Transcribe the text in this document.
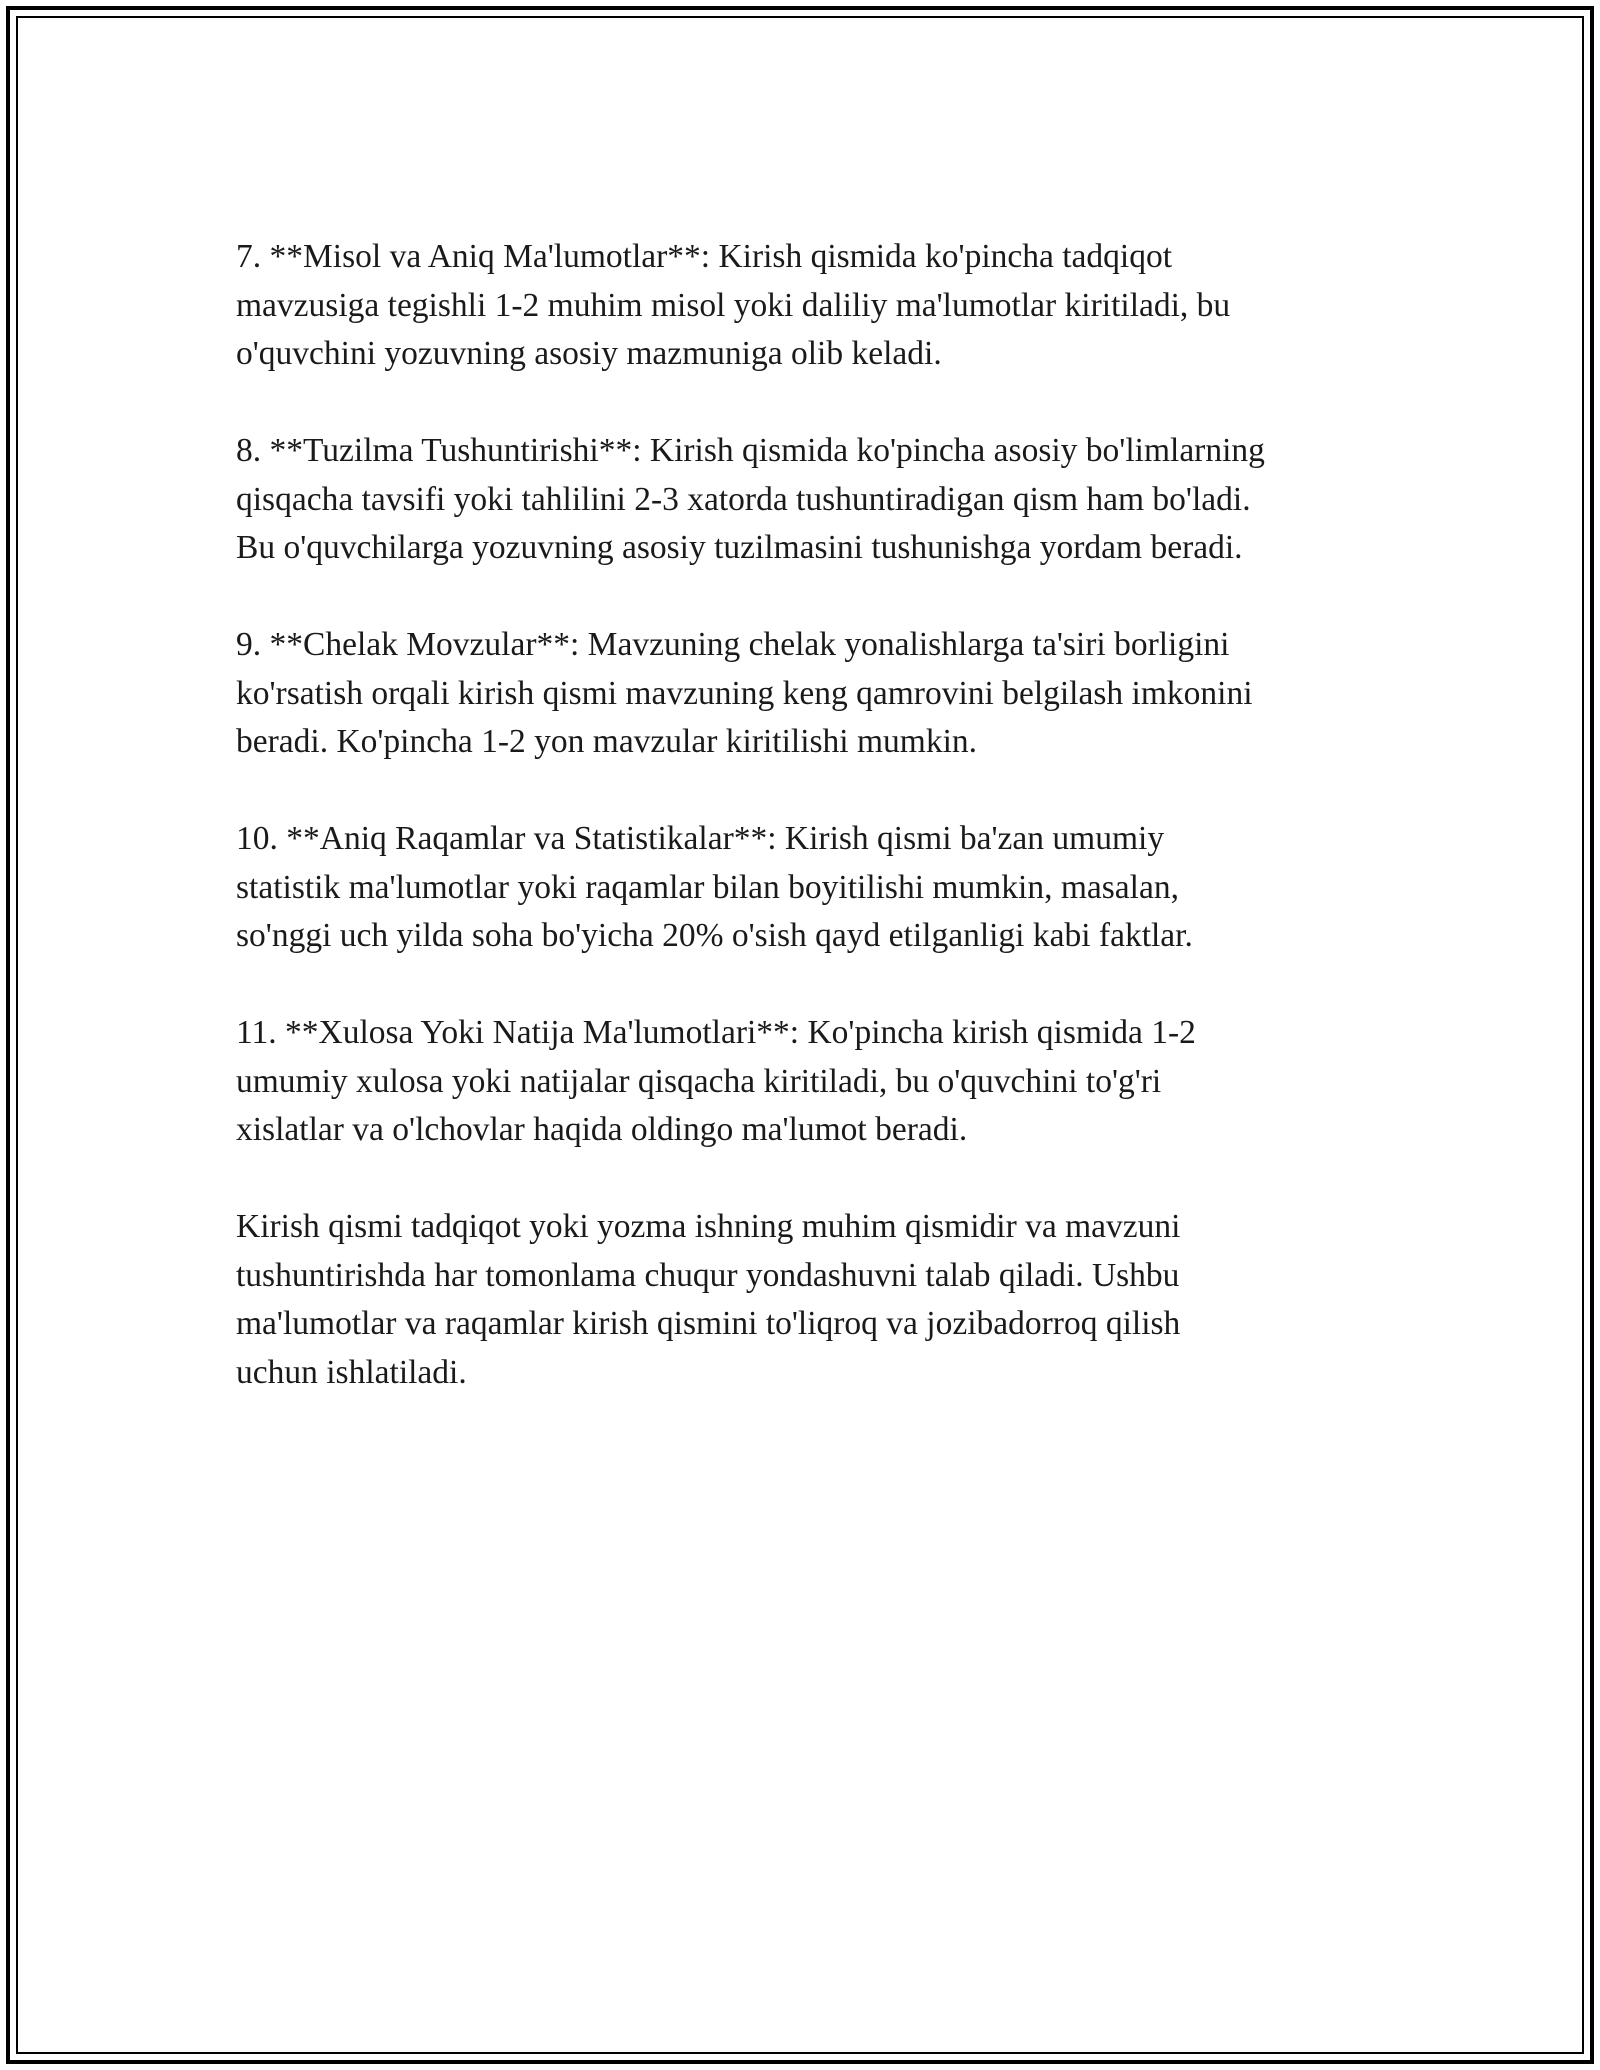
7. **Misol va Aniq Ma'lumotlar**: Kirish qismida ko'pincha tadqiqot
mavzusiga tegishli 1-2 muhim misol yoki daliliy ma'lumotlar kiritiladi, bu
o'quvchini yozuvning asosiy mazmuniga olib keladi.

8. **Tuzilma Tushuntirishi**: Kirish qismida ko'pincha asosiy bo'limlarning
qisqacha tavsifi yoki tahlilini 2-3 xatorda tushuntiradigan qism ham bo'ladi.
Bu o'quvchilarga yozuvning asosiy tuzilmasini tushunishga yordam beradi.

9. **Chelak Movzular**: Mavzuning chelak yonalishlarga ta'siri borligini
ko'rsatish orqali kirish qismi mavzuning keng qamrovini belgilash imkonini
beradi. Ko'pincha 1-2 yon mavzular kiritilishi mumkin.

10. **Aniq Raqamlar va Statistikalar**: Kirish qismi ba'zan umumiy
statistik ma'lumotlar yoki raqamlar bilan boyitilishi mumkin, masalan,
so'nggi uch yilda soha bo'yicha 20% o'sish qayd etilganligi kabi faktlar.

11. **Xulosa Yoki Natija Ma'lumotlari**: Ko'pincha kirish qismida 1-2
umumiy xulosa yoki natijalar qisqacha kiritiladi, bu o'quvchini to'g'ri
xislatlar va o'lchovlar haqida oldingo ma'lumot beradi.

Kirish qismi tadqiqot yoki yozma ishning muhim qismidir va mavzuni
tushuntirishda har tomonlama chuqur yondashuvni talab qiladi. Ushbu
ma'lumotlar va raqamlar kirish qismini to'liqroq va jozibadorroq qilish
uchun ishlatiladi.
